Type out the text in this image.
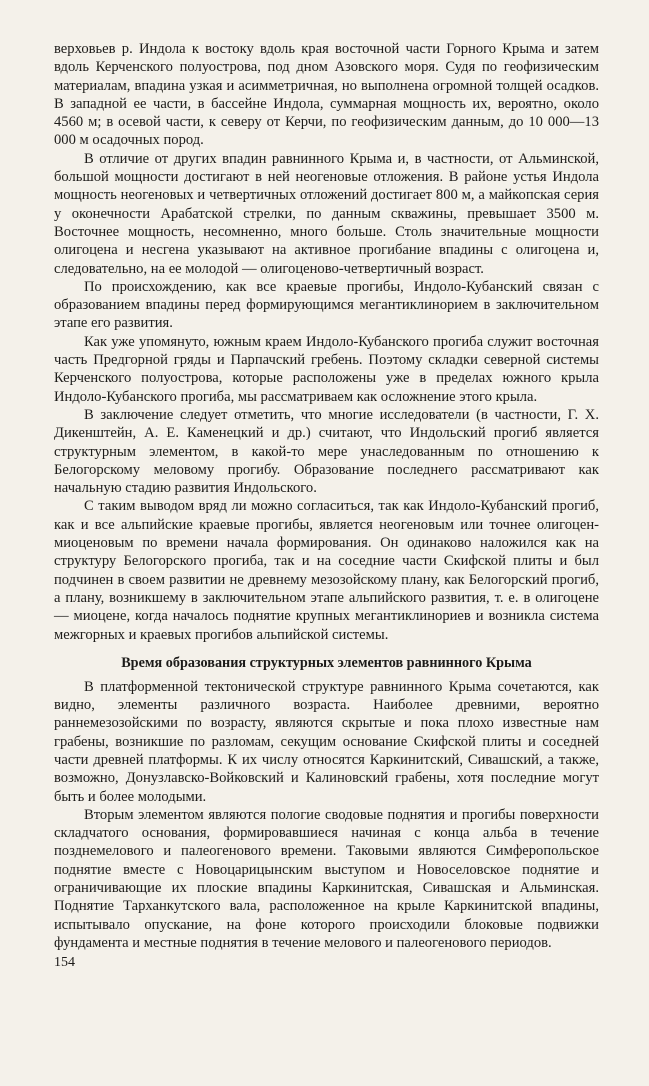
верховьев р. Индола к востоку вдоль края восточной части Горного Крыма и затем вдоль Керченского полуострова, под дном Азовского моря. Судя по геофизическим материалам, впадина узкая и асимметричная, но выполнена огромной толщей осадков. В западной ее части, в бассейне Индола, суммарная мощность их, вероятно, около 4560 м; в осевой части, к северу от Керчи, по геофизическим данным, до 10 000—13 000 м осадочных пород.

В отличие от других впадин равнинного Крыма и, в частности, от Альминской, большой мощности достигают в ней неогеновые отложения. В районе устья Индола мощность неогеновых и четвертичных отложений достигает 800 м, а майкопская серия у оконечности Арабатской стрелки, по данным скважины, превышает 3500 м. Восточнее мощность, несомненно, много больше. Столь значительные мощности олигоцена и несгена указывают на активное прогибание впадины с олигоцена и, следовательно, на ее молодой — олигоценово-четвертичный возраст.

По происхождению, как все краевые прогибы, Индоло-Кубанский связан с образованием впадины перед формирующимся мегантиклинорием в заключительном этапе его развития.

Как уже упомянуто, южным краем Индоло-Кубанского прогиба служит восточная часть Предгорной гряды и Парпачский гребень. Поэтому складки северной системы Керченского полуострова, которые расположены уже в пределах южного крыла Индоло-Кубанского прогиба, мы рассматриваем как осложнение этого крыла.

В заключение следует отметить, что многие исследователи (в частности, Г. Х. Дикенштейн, А. Е. Каменецкий и др.) считают, что Индольский прогиб является структурным элементом, в какой-то мере унаследованным по отношению к Белогорскому меловому прогибу. Образование последнего рассматривают как начальную стадию развития Индольского.

С таким выводом вряд ли можно согласиться, так как Индоло-Кубанский прогиб, как и все альпийские краевые прогибы, является неогеновым или точнее олигоцен-миоценовым по времени начала формирования. Он одинаково наложился как на структуру Белогорского прогиба, так и на соседние части Скифской плиты и был подчинен в своем развитии не древнему мезозойскому плану, как Белогорский прогиб, а плану, возникшему в заключительном этапе альпийского развития, т. е. в олигоцене — миоцене, когда началось поднятие крупных мегантиклинориев и возникла система межгорных и краевых прогибов альпийской системы.

Время образования структурных элементов равнинного Крыма

В платформенной тектонической структуре равнинного Крыма сочетаются, как видно, элементы различного возраста. Наиболее древними, вероятно раннемезозойскими по возрасту, являются скрытые и пока плохо известные нам грабены, возникшие по разломам, секущим основание Скифской плиты и соседней части древней платформы. К их числу относятся Каркинитский, Сивашский, а также, возможно, Донузлавско-Войковский и Калиновский грабены, хотя последние могут быть и более молодыми.

Вторым элементом являются пологие сводовые поднятия и прогибы поверхности складчатого основания, формировавшиеся начиная с конца альба в течение позднемелового и палеогенового времени. Таковыми являются Симферопольское поднятие вместе с Новоцарицынским выступом и Новоселовское поднятие и ограничивающие их плоские впадины Каркинитская, Сивашская и Альминская. Поднятие Тарханкутского вала, расположенное на крыле Каркинитской впадины, испытывало опускание, на фоне которого происходили блоковые подвижки фундамента и местные поднятия в течение мелового и палеогенового периодов.

154
